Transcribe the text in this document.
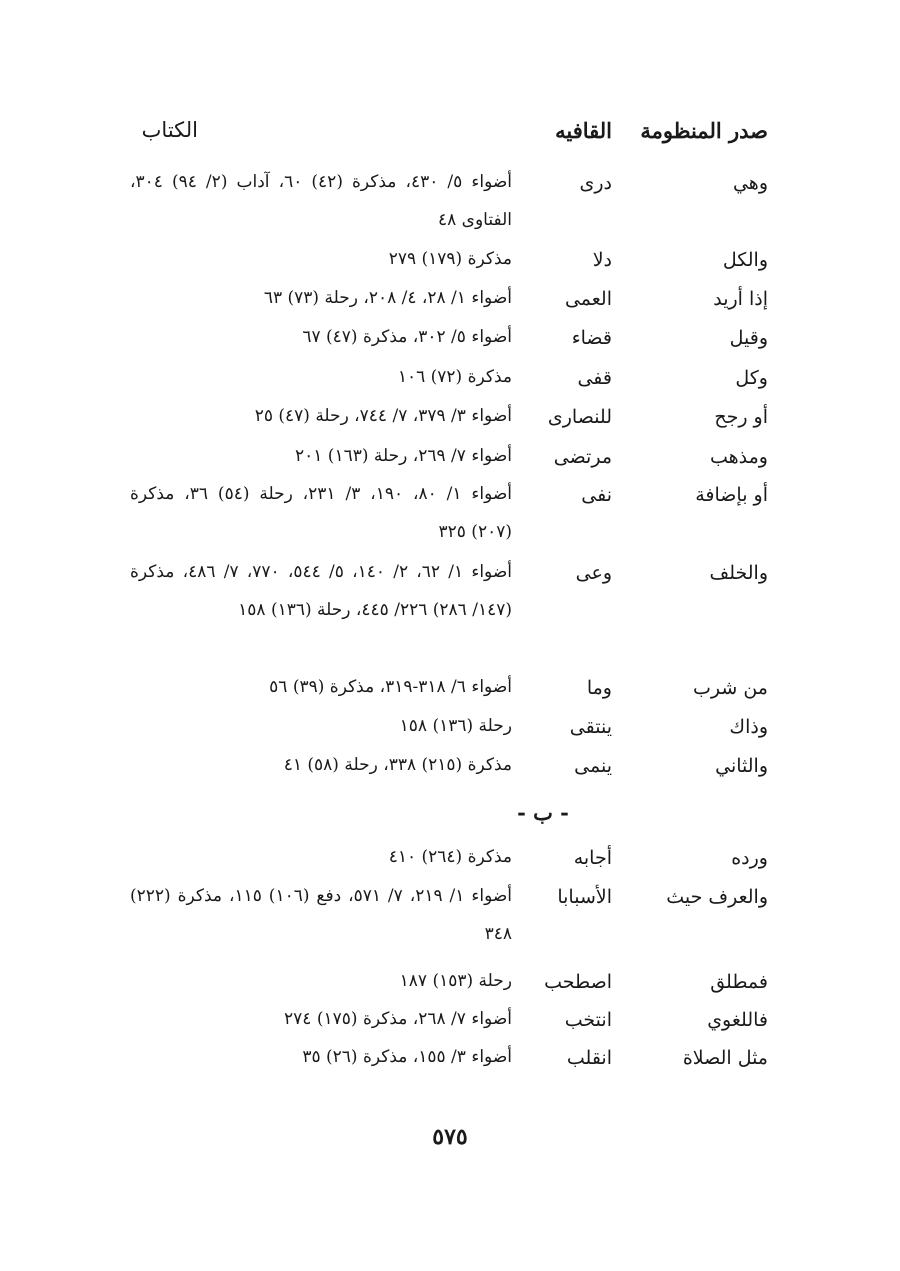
صدر المنظومة
القافيه
الكتاب
وهي
درى
أضواء ٥/ ٤٣٠، مذكرة (٤٢) ٦٠، آداب (٢/ ٩٤) ٣٠٤، الفتاوى ٤٨
والكل
دلا
مذكرة (١٧٩) ٢٧٩
إذا أريد
العمى
أضواء ١/ ٢٨، ٤/ ٢٠٨، رحلة (٧٣) ٦٣
وقيل
قضاء
أضواء ٥/ ٣٠٢، مذكرة (٤٧) ٦٧
وكل
قفى
مذكرة (٧٢) ١٠٦
أو رجح
للنصارى
أضواء ٣/ ٣٧٩، ٧/ ٧٤٤، رحلة (٤٧) ٢٥
ومذهب
مرتضى
أضواء ٧/ ٢٦٩، رحلة (١٦٣) ٢٠١
أو بإضافة
نفى
أضواء ١/ ٨٠، ١٩٠، ٣/ ٢٣١، رحلة (٥٤) ٣٦، مذكرة (٢٠٧) ٣٢٥
والخلف
وعى
أضواء ١/ ٦٢، ٢/ ١٤٠، ٥/ ٥٤٤، ٧٧٠، ٧/ ٤٨٦، مذكرة (١٤٧/ ٢٨٦) ٢٢٦/ ٤٤٥، رحلة (١٣٦) ١٥٨
من شرب
وما
أضواء ٦/ ٣١٨-٣١٩، مذكرة (٣٩) ٥٦
وذاك
ينتقى
رحلة (١٣٦) ١٥٨
والثاني
ينمى
مذكرة (٢١٥) ٣٣٨، رحلة (٥٨) ٤١
- ب -
ورده
أجابه
مذكرة (٢٦٤) ٤١٠
والعرف حيث
الأسبابا
أضواء ١/ ٢١٩، ٧/ ٥٧١، دفع (١٠٦) ١١٥، مذكرة (٢٢٢) ٣٤٨
فمطلق
اصطحب
رحلة (١٥٣) ١٨٧
فاللغوي
انتخب
أضواء ٧/ ٢٦٨، مذكرة (١٧٥) ٢٧٤
مثل الصلاة
انقلب
أضواء ٣/ ١٥٥، مذكرة (٢٦) ٣٥
٥٧٥
